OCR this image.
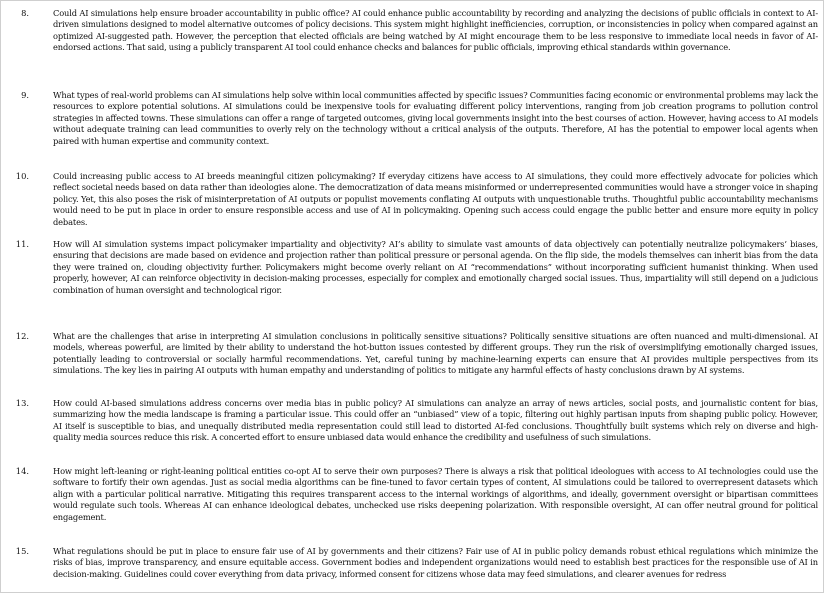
8.	Could AI simulations help ensure broader accountability in public office? AI could enhance public accountability by recording and analyzing the decisions of public officials in context to AI-driven simulations designed to model alternative outcomes of policy decisions. This system might highlight inefficiencies, corruption, or inconsistencies in policy when compared against an optimized AI-suggested path. However, the perception that elected officials are being watched by AI might encourage them to be less responsive to immediate local needs in favor of AI-endorsed actions. That said, using a publicly transparent AI tool could enhance checks and balances for public officials, improving ethical standards within governance.
9.	What types of real-world problems can AI simulations help solve within local communities affected by specific issues? Communities facing economic or environmental problems may lack the resources to explore potential solutions. AI simulations could be inexpensive tools for evaluating different policy interventions, ranging from job creation programs to pollution control strategies in affected towns. These simulations can offer a range of targeted outcomes, giving local governments insight into the best courses of action. However, having access to AI models without adequate training can lead communities to overly rely on the technology without a critical analysis of the outputs. Therefore, AI has the potential to empower local agents when paired with human expertise and community context.
10.	Could increasing public access to AI breeds meaningful citizen policymaking? If everyday citizens have access to AI simulations, they could more effectively advocate for policies which reflect societal needs based on data rather than ideologies alone. The democratization of data means misinformed or underrepresented communities would have a stronger voice in shaping policy. Yet, this also poses the risk of misinterpretation of AI outputs or populist movements conflating AI outputs with unquestionable truths. Thoughtful public accountability mechanisms would need to be put in place in order to ensure responsible access and use of AI in policymaking. Opening such access could engage the public better and ensure more equity in policy debates.
11.	How will AI simulation systems impact policymaker impartiality and objectivity? AI’s ability to simulate vast amounts of data objectively can potentially neutralize policymakers’ biases, ensuring that decisions are made based on evidence and projection rather than political pressure or personal agenda. On the flip side, the models themselves can inherit bias from the data they were trained on, clouding objectivity further. Policymakers might become overly reliant on AI “recommendations” without incorporating sufficient humanist thinking. When used properly, however, AI can reinforce objectivity in decision-making processes, especially for complex and emotionally charged social issues. Thus, impartiality will still depend on a judicious combination of human oversight and technological rigor.
12.	What are the challenges that arise in interpreting AI simulation conclusions in politically sensitive situations? Politically sensitive situations are often nuanced and multi-dimensional. AI models, whereas powerful, are limited by their ability to understand the hot-button issues contested by different groups. They run the risk of oversimplifying emotionally charged issues, potentially leading to controversial or socially harmful recommendations. Yet, careful tuning by machine-learning experts can ensure that AI provides multiple perspectives from its simulations. The key lies in pairing AI outputs with human empathy and understanding of politics to mitigate any harmful effects of hasty conclusions drawn by AI systems.
13.	How could AI-based simulations address concerns over media bias in public policy? AI simulations can analyze an array of news articles, social posts, and journalistic content for bias, summarizing how the media landscape is framing a particular issue. This could offer an “unbiased” view of a topic, filtering out highly partisan inputs from shaping public policy. However, AI itself is susceptible to bias, and unequally distributed media representation could still lead to distorted AI-fed conclusions. Thoughtfully built systems which rely on diverse and high-quality media sources reduce this risk. A concerted effort to ensure unbiased data would enhance the credibility and usefulness of such simulations.
14.	How might left-leaning or right-leaning political entities co-opt AI to serve their own purposes? There is always a risk that political ideologues with access to AI technologies could use the software to fortify their own agendas. Just as social media algorithms can be fine-tuned to favor certain types of content, AI simulations could be tailored to overrepresent datasets which align with a particular political narrative. Mitigating this requires transparent access to the internal workings of algorithms, and ideally, government oversight or bipartisan committees would regulate such tools. Whereas AI can enhance ideological debates, unchecked use risks deepening polarization. With responsible oversight, AI can offer neutral ground for political engagement.
15.	What regulations should be put in place to ensure fair use of AI by governments and their citizens? Fair use of AI in public policy demands robust ethical regulations which minimize the risks of bias, improve transparency, and ensure equitable access. Government bodies and independent organizations would need to establish best practices for the responsible use of AI in decision-making. Guidelines could cover everything from data privacy, informed consent for citizens whose data may feed simulations, and clearer avenues for redress
